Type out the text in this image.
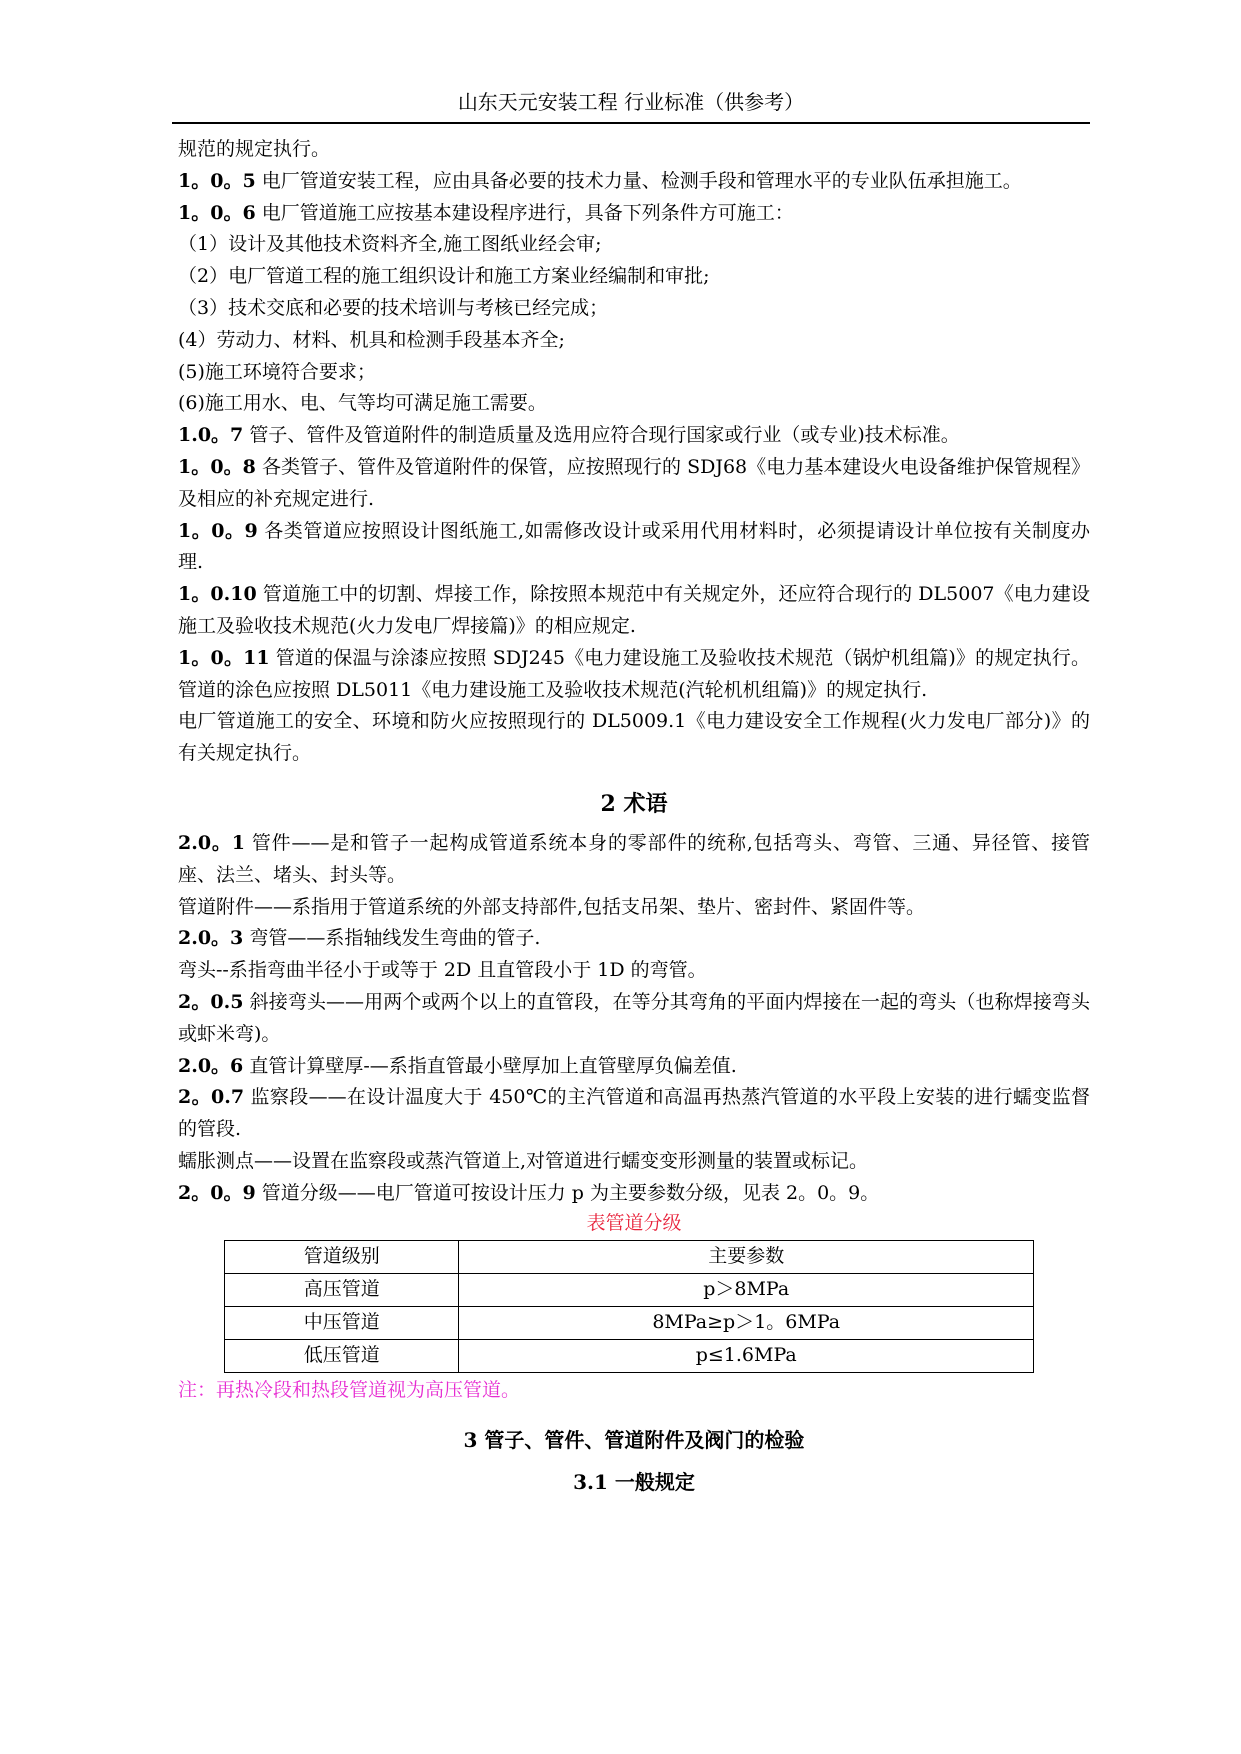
山东天元安装工程 行业标准（供参考）
规范的规定执行。
1。0。5 电厂管道安装工程，应由具备必要的技术力量、检测手段和管理水平的专业队伍承担施工。
1。0。6 电厂管道施工应按基本建设程序进行，具备下列条件方可施工：
（1）设计及其他技术资料齐全,施工图纸业经会审;
（2）电厂管道工程的施工组织设计和施工方案业经编制和审批;
（3）技术交底和必要的技术培训与考核已经完成；
(4）劳动力、材料、机具和检测手段基本齐全;
(5)施工环境符合要求；
(6)施工用水、电、气等均可满足施工需要。
1.0。7 管子、管件及管道附件的制造质量及选用应符合现行国家或行业（或专业)技术标准。
1。0。8 各类管子、管件及管道附件的保管，应按照现行的 SDJ68《电力基本建设火电设备维护保管规程》及相应的补充规定进行.
1。0。9 各类管道应按照设计图纸施工,如需修改设计或采用代用材料时，必须提请设计单位按有关制度办理.
1。0.10 管道施工中的切割、焊接工作，除按照本规范中有关规定外，还应符合现行的 DL5007《电力建设施工及验收技术规范(火力发电厂焊接篇)》的相应规定.
1。0。11 管道的保温与涂漆应按照 SDJ245《电力建设施工及验收技术规范（锅炉机组篇)》的规定执行。管道的涂色应按照 DL5011《电力建设施工及验收技术规范(汽轮机机组篇)》的规定执行.
电厂管道施工的安全、环境和防火应按照现行的 DL5009.1《电力建设安全工作规程(火力发电厂部分)》的有关规定执行。
2 术语
2.0。1 管件——是和管子一起构成管道系统本身的零部件的统称,包括弯头、弯管、三通、异径管、接管座、法兰、堵头、封头等。
管道附件——系指用于管道系统的外部支持部件,包括支吊架、垫片、密封件、紧固件等。
2.0。3 弯管——系指轴线发生弯曲的管子.
弯头--系指弯曲半径小于或等于 2D 且直管段小于 1D 的弯管。
2。0.5 斜接弯头——用两个或两个以上的直管段，在等分其弯角的平面内焊接在一起的弯头（也称焊接弯头或虾米弯)。
2.0。6 直管计算壁厚-—系指直管最小壁厚加上直管壁厚负偏差值.
2。0.7 监察段——在设计温度大于 450℃的主汽管道和高温再热蒸汽管道的水平段上安装的进行蠕变监督的管段.
蠕胀测点——设置在监察段或蒸汽管道上,对管道进行蠕变变形测量的装置或标记。
2。0。9 管道分级——电厂管道可按设计压力 p 为主要参数分级，见表 2。0。9。
表管道分级
管道级别	主要参数
高压管道	p＞8MPa
中压管道	8MPa≥p＞1。6MPa
低压管道	p≤1.6MPa
注：再热冷段和热段管道视为高压管道。
3 管子、管件、管道附件及阀门的检验
3.1 一般规定
